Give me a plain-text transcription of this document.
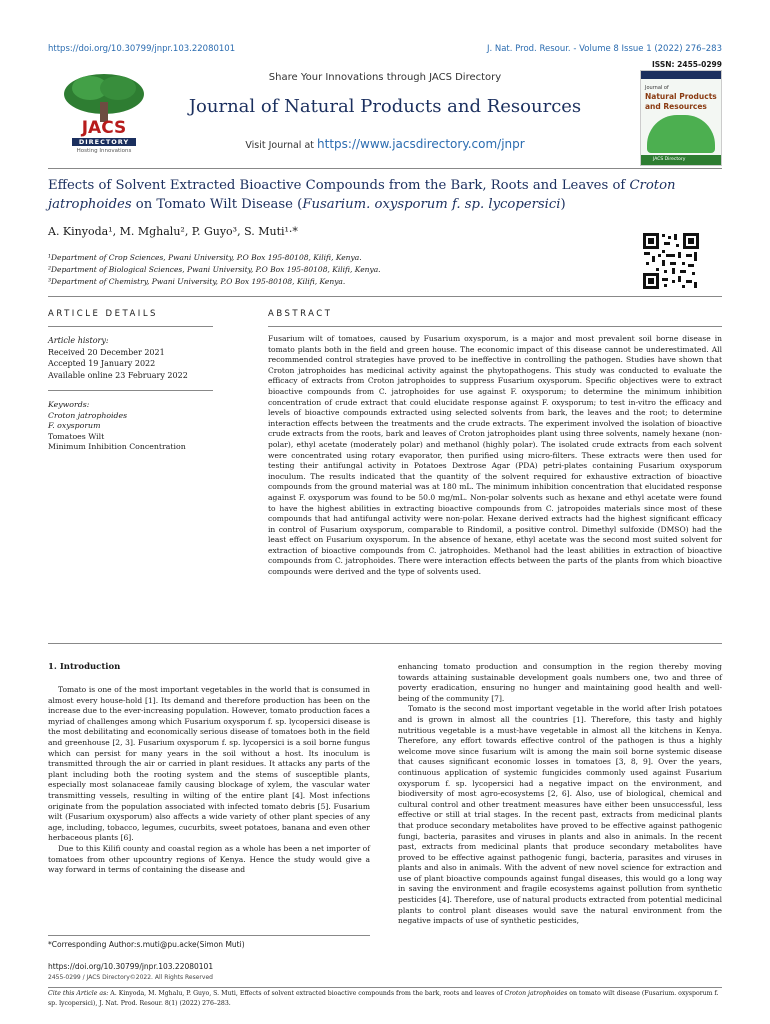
https://doi.org/10.30799/jnpr.103.22080101	J. Nat. Prod. Resour. - Volume 8 Issue 1 (2022) 276–283
ISSN: 2455-0299
JACS
DIRECTORY
Hosting Innovations
Share Your Innovations through JACS Directory
Journal of Natural Products and Resources
Visit Journal at https://www.jacsdirectory.com/jnpr
Journal of
Natural Products
and Resources
JACS Directory
Effects of Solvent Extracted Bioactive Compounds from the Bark, Roots and Leaves of Croton jatrophoides on Tomato Wilt Disease (Fusarium. oxysporum f. sp. lycopersici)
A. Kinyoda¹, M. Mghalu², P. Guyo³, S. Muti¹·*
¹Department of Crop Sciences, Pwani University, P.O Box 195-80108, Kilifi, Kenya.
²Department of Biological Sciences, Pwani University, P.O Box 195-80108, Kilifi, Kenya.
³Department of Chemistry, Pwani University, P.O Box 195-80108, Kilifi, Kenya.
ARTICLE DETAILS
Article history:
Received 20 December 2021
Accepted 19 January 2022
Available online 23 February 2022
Keywords:
Croton jatrophoides
F. oxysporum
Tomatoes Wilt
Minimum Inhibition Concentration
ABSTRACT
Fusarium wilt of tomatoes, caused by Fusarium oxysporum, is a major and most prevalent soil borne disease in tomato plants both in the field and green house. The economic impact of this disease cannot be underestimated. All recommended control strategies have proved to be ineffective in controlling the pathogen. Studies have shown that Croton jatrophoides has medicinal activity against the phytopathogens. This study was conducted to evaluate the efficacy of extracts from Croton jatrophoides to suppress Fusarium oxysporum. Specific objectives were to extract bioactive compounds from C. jatrophoides for use against F. oxysporum; to determine the minimum inhibition concentration of crude extract that could elucidate response against F. oxysporum; to test in-vitro the efficacy and levels of bioactive compounds extracted using selected solvents from bark, the leaves and the root; to determine interaction effects between the treatments and the crude extracts. The experiment involved the isolation of bioactive crude extracts from the roots, bark and leaves of Croton jatrophoides plant using three solvents, namely hexane (non-polar), ethyl acetate (moderately polar) and methanol (highly polar). The isolated crude extracts from each solvent were concentrated using rotary evaporator, then purified using micro-filters. These extracts were then used for testing their antifungal activity in Potatoes Dextrose Agar (PDA) petri-plates containing Fusarium oxysporum inoculum. The results indicated that the quantity of the solvent required for exhaustive extraction of bioactive compounds from the ground material was at 180 mL. The minimum inhibition concentration that elucidated response against F. oxysporum was found to be 50.0 mg/mL. Non-polar solvents such as hexane and ethyl acetate were found to have the highest abilities in extracting bioactive compounds from C. jatropoides materials since most of these compounds that had antifungal activity were non-polar. Hexane derived extracts had the highest significant efficacy in control of Fusarium oxysporum, comparable to Rindomil, a positive control. Dimethyl sulfoxide (DMSO) had the least effect on Fusarium oxysporum. In the absence of hexane, ethyl acetate was the second most suited solvent for extraction of bioactive compounds from C. jatrophoides. Methanol had the least abilities in extraction of bioactive compounds from C. jatrophoides. There were interaction effects between the parts of the plants from which bioactive compounds were derived and the type of solvents used.
1. Introduction

Tomato is one of the most important vegetables in the world that is consumed in almost every house-hold [1]. Its demand and therefore production has been on the increase due to the ever-increasing population. However, tomato production faces a myriad of challenges among which Fusarium oxysporum f. sp. lycopersici disease is the most debilitating and economically serious disease of tomatoes both in the field and greenhouse [2, 3]. Fusarium oxysporum f. sp. lycopersici is a soil borne fungus which can persist for many years in the soil without a host. Its inoculum is transmitted through the air or carried in plant residues. It attacks any parts of the plant including both the rooting system and the stems of susceptible plants, especially most solanaceae family causing blockage of xylem, the vascular water transmitting vessels, resulting in wilting of the entire plant [4]. Most infections originate from the population associated with infected tomato debris [5]. Fusarium wilt (Fusarium oxysporum) also affects a wide variety of other plant species of any age, including, tobacco, legumes, cucurbits, sweet potatoes, banana and even other herbaceous plants [6].

Due to this Kilifi county and coastal region as a whole has been a net importer of tomatoes from other upcountry regions of Kenya. Hence the study would give a way forward in terms of containing the disease and

enhancing tomato production and consumption in the region thereby moving towards attaining sustainable development goals numbers one, two and three of poverty eradication, ensuring no hunger and maintaining good health and well-being of the community [7].

Tomato is the second most important vegetable in the world after Irish potatoes and is grown in almost all the countries [1]. Therefore, this tasty and highly nutritious vegetable is a must-have vegetable in almost all the kitchens in Kenya. Therefore, any effort towards effective control of the pathogen is thus a highly welcome move since fusarium wilt is among the main soil borne systemic disease that causes significant economic losses in tomatoes [3, 8, 9]. Over the years, continuous application of systemic fungicides commonly used against Fusarium oxysporum f. sp. lycopersici had a negative impact on the environment, and biodiversity of most agro-ecosystems [2, 6]. Also, use of biological, chemical and cultural control and other treatment measures have either been unsuccessful, less effective or still at trial stages. In the recent past, extracts from medicinal plants that produce secondary metabolites have proved to be effective against pathogenic fungi, bacteria, parasites and viruses in plants and also in animals. In the recent past, extracts from medicinal plants that produce secondary metabolites have proved to be effective against pathogenic fungi, bacteria, parasites and viruses in plants and also in animals. With the advent of new novel science for extraction and use of plant bioactive compounds against fungal diseases, this would go a long way in saving the environment and fragile ecosystems against pollution from synthetic pesticides [4]. Therefore, use of natural products extracted from potential medicinal plants to control plant diseases would save the natural environment from the negative impacts of use of synthetic pesticides,

*Corresponding Author:s.muti@pu.acke(Simon Muti)
https://doi.org/10.30799/jnpr.103.22080101
2455-0299 / JACS Directory©2022. All Rights Reserved
Cite this Article as: A. Kinyoda, M. Mghalu, P. Guyo, S. Muti, Effects of solvent extracted bioactive compounds from the bark, roots and leaves of Croton jatrophoides on tomato wilt disease (Fusarium. oxysporum f. sp. lycopersici), J. Nat. Prod. Resour. 8(1) (2022) 276–283.
